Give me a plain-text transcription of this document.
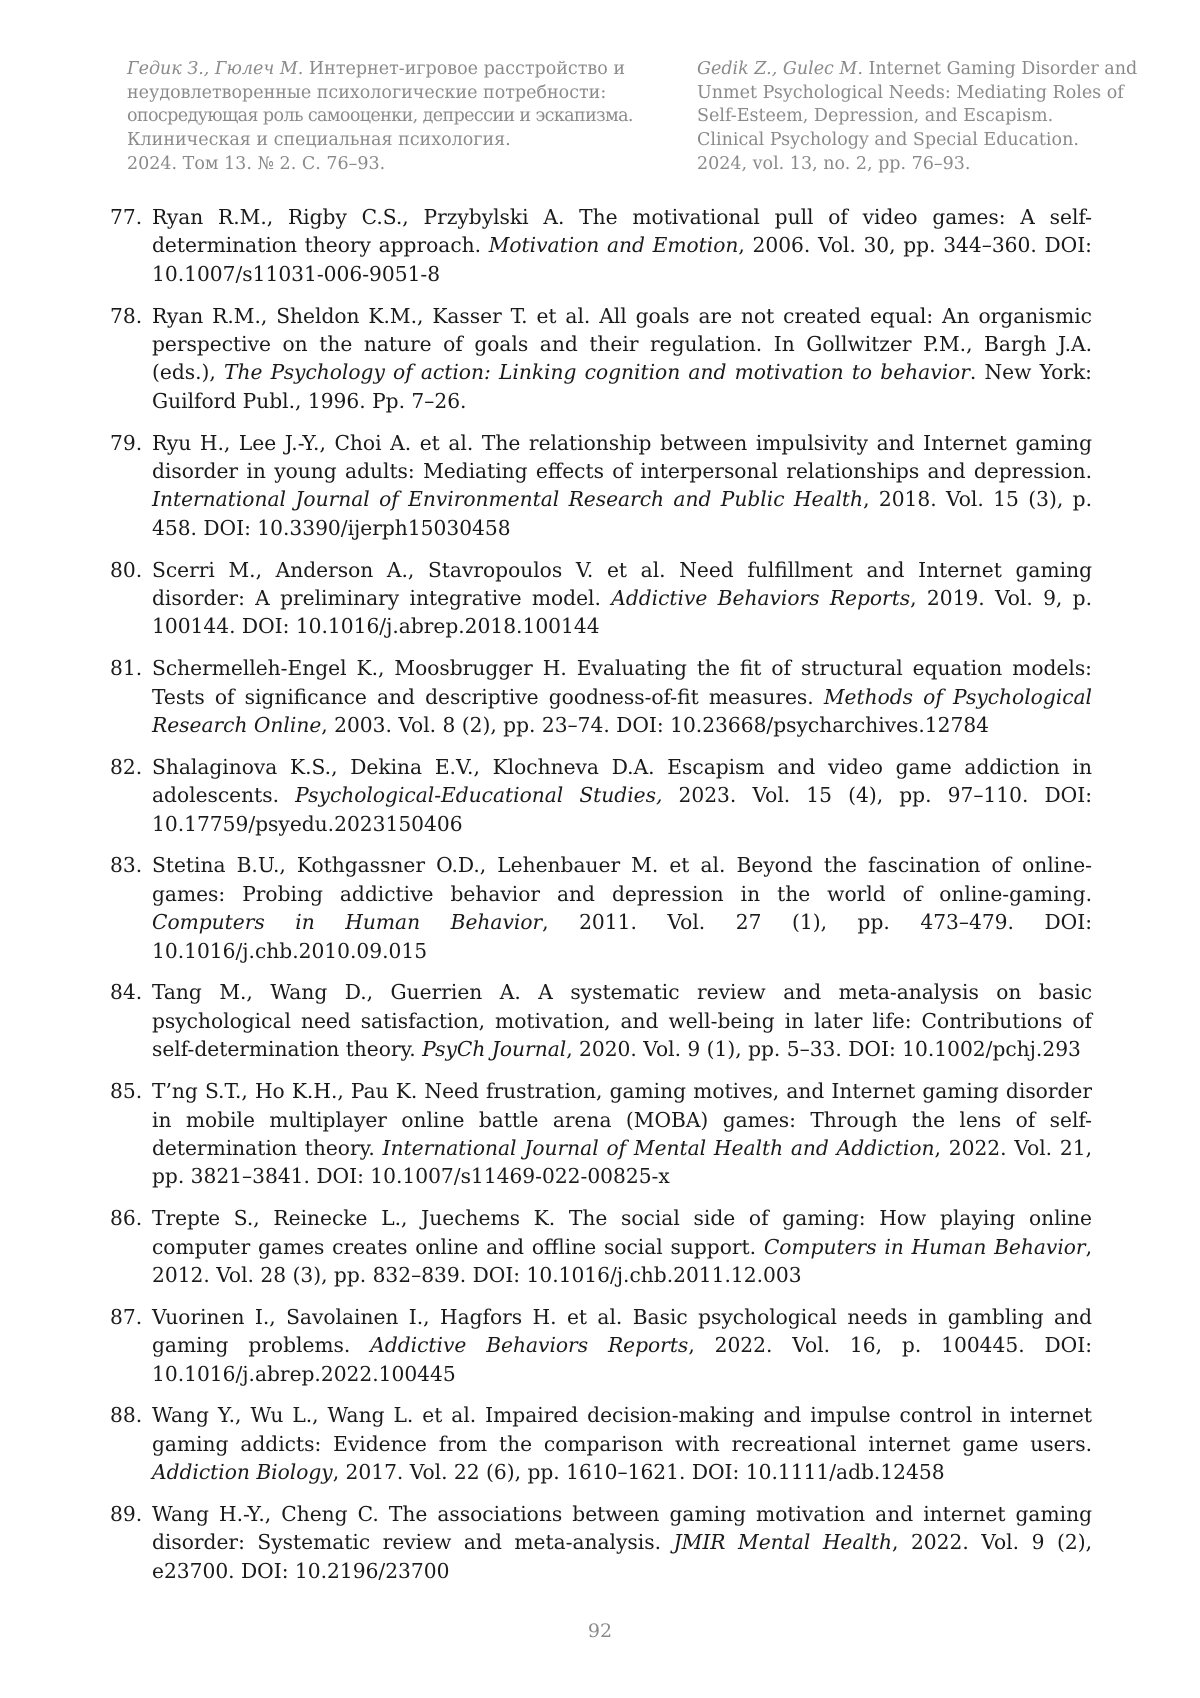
Гедик З., Гюлеч М. Интернет-игровое расстройство и
неудовлетворенные психологические потребности:
опосредующая роль самооценки, депрессии и эскапизма.
Клиническая и специальная психология.
2024. Том 13. № 2. С. 76–93.
Gedik Z., Gulec M. Internet Gaming Disorder and
Unmet Psychological Needs: Mediating Roles of
Self-Esteem, Depression, and Escapism.
Clinical Psychology and Special Education.
2024, vol. 13, no. 2, pp. 76–93.
77. Ryan R.M., Rigby C.S., Przybylski A. The motivational pull of video games: A self-determination theory approach. Motivation and Emotion, 2006. Vol. 30, pp. 344–360. DOI: 10.1007/s11031-006-9051-8
78. Ryan R.M., Sheldon K.M., Kasser T. et al. All goals are not created equal: An organismic perspective on the nature of goals and their regulation. In Gollwitzer P.M., Bargh J.A. (eds.), The Psychology of action: Linking cognition and motivation to behavior. New York: Guilford Publ., 1996. Pp. 7–26.
79. Ryu H., Lee J.-Y., Choi A. et al. The relationship between impulsivity and Internet gaming disorder in young adults: Mediating effects of interpersonal relationships and depression. International Journal of Environmental Research and Public Health, 2018. Vol. 15 (3), p. 458. DOI: 10.3390/ijerph15030458
80. Scerri M., Anderson A., Stavropoulos V. et al. Need fulfillment and Internet gaming disorder: A preliminary integrative model. Addictive Behaviors Reports, 2019. Vol. 9, p. 100144. DOI: 10.1016/j.abrep.2018.100144
81. Schermelleh-Engel K., Moosbrugger H. Evaluating the fit of structural equation models: Tests of significance and descriptive goodness-of-fit measures. Methods of Psychological Research Online, 2003. Vol. 8 (2), pp. 23–74. DOI: 10.23668/psycharchives.12784
82. Shalaginova K.S., Dekina E.V., Klochneva D.A. Escapism and video game addiction in adolescents. Psychological-Educational Studies, 2023. Vol. 15 (4), pp. 97–110. DOI: 10.17759/psyedu.2023150406
83. Stetina B.U., Kothgassner O.D., Lehenbauer M. et al. Beyond the fascination of online-games: Probing addictive behavior and depression in the world of online-gaming. Computers in Human Behavior, 2011. Vol. 27 (1), pp. 473–479. DOI: 10.1016/j.chb.2010.09.015
84. Tang M., Wang D., Guerrien A. A systematic review and meta-analysis on basic psychological need satisfaction, motivation, and well-being in later life: Contributions of self-determination theory. PsyCh Journal, 2020. Vol. 9 (1), pp. 5–33. DOI: 10.1002/pchj.293
85. T’ng S.T., Ho K.H., Pau K. Need frustration, gaming motives, and Internet gaming disorder in mobile multiplayer online battle arena (MOBA) games: Through the lens of self-determination theory. International Journal of Mental Health and Addiction, 2022. Vol. 21, pp. 3821–3841. DOI: 10.1007/s11469-022-00825-x
86. Trepte S., Reinecke L., Juechems K. The social side of gaming: How playing online computer games creates online and offline social support. Computers in Human Behavior, 2012. Vol. 28 (3), pp. 832–839. DOI: 10.1016/j.chb.2011.12.003
87. Vuorinen I., Savolainen I., Hagfors H. et al. Basic psychological needs in gambling and gaming problems. Addictive Behaviors Reports, 2022. Vol. 16, p. 100445. DOI: 10.1016/j.abrep.2022.100445
88. Wang Y., Wu L., Wang L. et al. Impaired decision-making and impulse control in internet gaming addicts: Evidence from the comparison with recreational internet game users. Addiction Biology, 2017. Vol. 22 (6), pp. 1610–1621. DOI: 10.1111/adb.12458
89. Wang H.-Y., Cheng C. The associations between gaming motivation and internet gaming disorder: Systematic review and meta-analysis. JMIR Mental Health, 2022. Vol. 9 (2), e23700. DOI: 10.2196/23700
92
